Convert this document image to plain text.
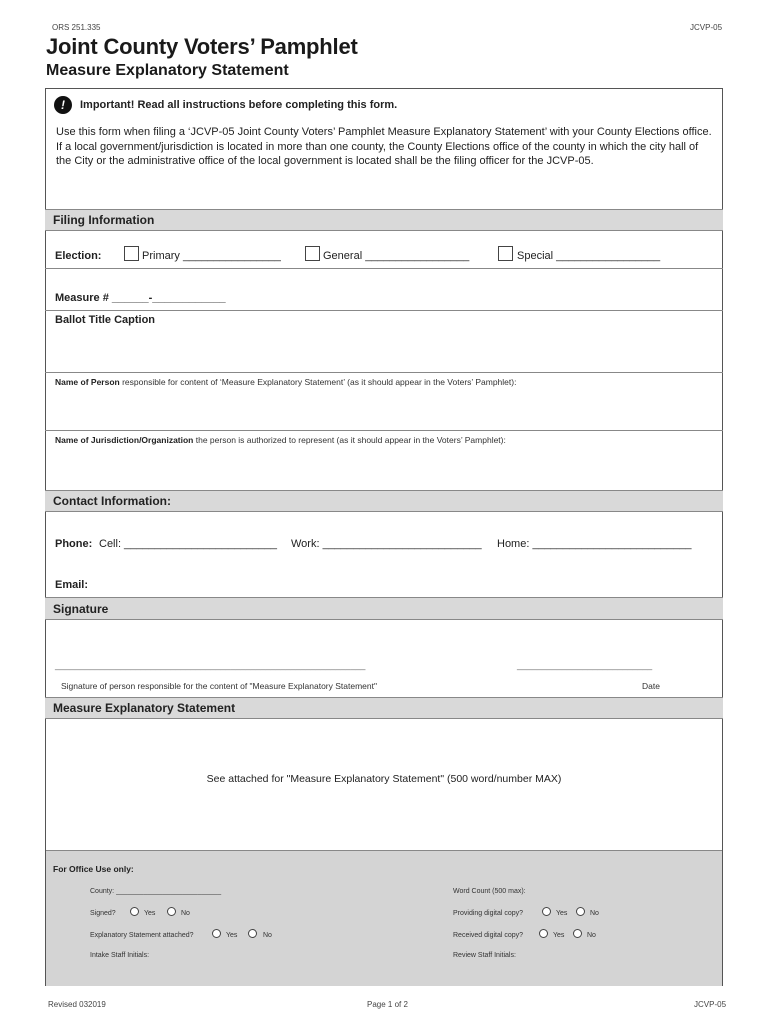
ORS 251.335	JCVP-05
Joint County Voters’ Pamphlet
Measure Explanatory Statement
!	Important! Read all instructions before completing this form.
Use this form when filing a ‘JCVP-05 Joint County Voters’ Pamphlet Measure Explanatory Statement’ with your County Elections office. If a local government/jurisdiction is located in more than one county, the County Elections office of the county in which the city hall of the City or the administrative office of the local government is located shall be the filing officer for the JCVP-05.
Filing Information
Election:	Primary ________________	General _________________	Special _________________
Measure # ______-____________
Ballot Title Caption
Name of Person responsible for content of ‘Measure Explanatory Statement’ (as it should appear in the Voters’ Pamphlet):
Name of Jurisdiction/Organization the person is authorized to represent (as it should appear in the Voters’ Pamphlet):
Contact Information:
Phone: Cell: _________________________ Work: __________________________ Home: __________________________
Email:
Signature
______________________________________________________________	___________________________
Signature of person responsible for the content of "Measure Explanatory Statement"	Date
Measure Explanatory Statement
See attached for "Measure Explanatory Statement" (500 word/number MAX)
For Office Use only:
County: ___________________________
Signed?	Yes	No
Explanatory Statement attached?	Yes	No
Intake Staff Initials:
Word Count (500 max):
Providing digital copy?	Yes	No
Received digital copy?	Yes	No
Review Staff Initials:
Revised 032019	Page 1 of 2	JCVP-05
